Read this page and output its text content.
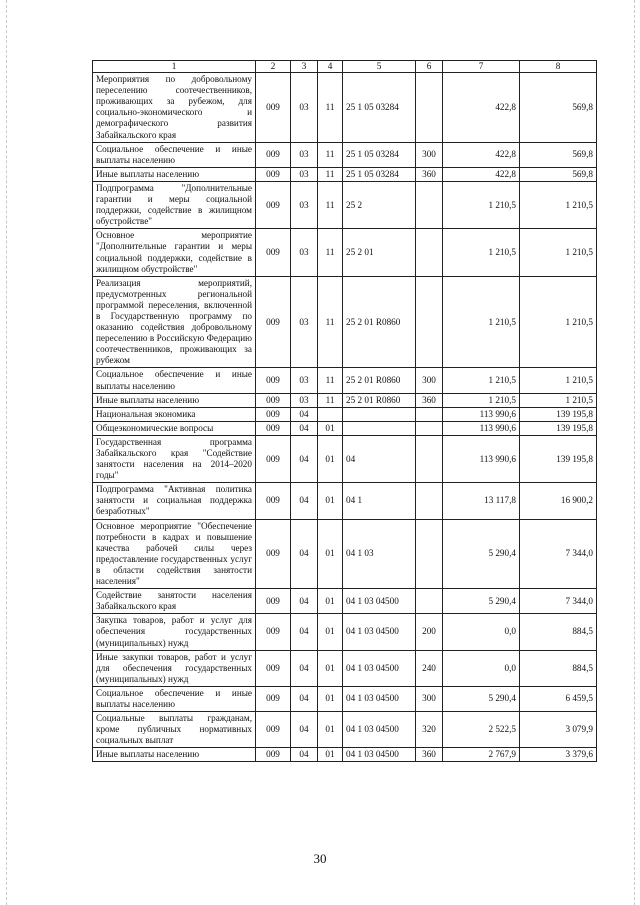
1	2	3	4	5	6	7	8
Мероприятия по добровольному переселению соотечественников, проживающих за рубежом, для социально-экономического и демографического развития Забайкальского края	009	03	11	25 1 05 03284		422,8	569,8
Социальное обеспечение и иные выплаты населению	009	03	11	25 1 05 03284	300	422,8	569,8
Иные выплаты населению	009	03	11	25 1 05 03284	360	422,8	569,8
Подпрограмма "Дополнительные гарантии и меры социальной поддержки, содействие в жилищном обустройстве"	009	03	11	25 2		1 210,5	1 210,5
Основное мероприятие "Дополнительные гарантии и меры социальной поддержки, содействие в жилищном обустройстве"	009	03	11	25 2 01		1 210,5	1 210,5
Реализация мероприятий, предусмотренных региональной программой переселения, включенной в Государственную программу по оказанию содействия добровольному переселению в Российскую Федерацию соотечественников, проживающих за рубежом	009	03	11	25 2 01 R0860		1 210,5	1 210,5
Социальное обеспечение и иные выплаты населению	009	03	11	25 2 01 R0860	300	1 210,5	1 210,5
Иные выплаты населению	009	03	11	25 2 01 R0860	360	1 210,5	1 210,5
Национальная экономика	009	04				113 990,6	139 195,8
Общеэкономические вопросы	009	04	01			113 990,6	139 195,8
Государственная программа Забайкальского края "Содействие занятости населения на 2014–2020 годы"	009	04	01	04		113 990,6	139 195,8
Подпрограмма "Активная политика занятости и социальная поддержка безработных"	009	04	01	04 1		13 117,8	16 900,2
Основное мероприятие "Обеспечение потребности в кадрах и повышение качества рабочей силы через предоставление государственных услуг в области содействия занятости населения"	009	04	01	04 1 03		5 290,4	7 344,0
Содействие занятости населения Забайкальского края	009	04	01	04 1 03 04500		5 290,4	7 344,0
Закупка товаров, работ и услуг для обеспечения государственных (муниципальных) нужд	009	04	01	04 1 03 04500	200	0,0	884,5
Иные закупки товаров, работ и услуг для обеспечения государственных (муниципальных) нужд	009	04	01	04 1 03 04500	240	0,0	884,5
Социальное обеспечение и иные выплаты населению	009	04	01	04 1 03 04500	300	5 290,4	6 459,5
Социальные выплаты гражданам, кроме публичных нормативных социальных выплат	009	04	01	04 1 03 04500	320	2 522,5	3 079,9
Иные выплаты населению	009	04	01	04 1 03 04500	360	2 767,9	3 379,6
30
